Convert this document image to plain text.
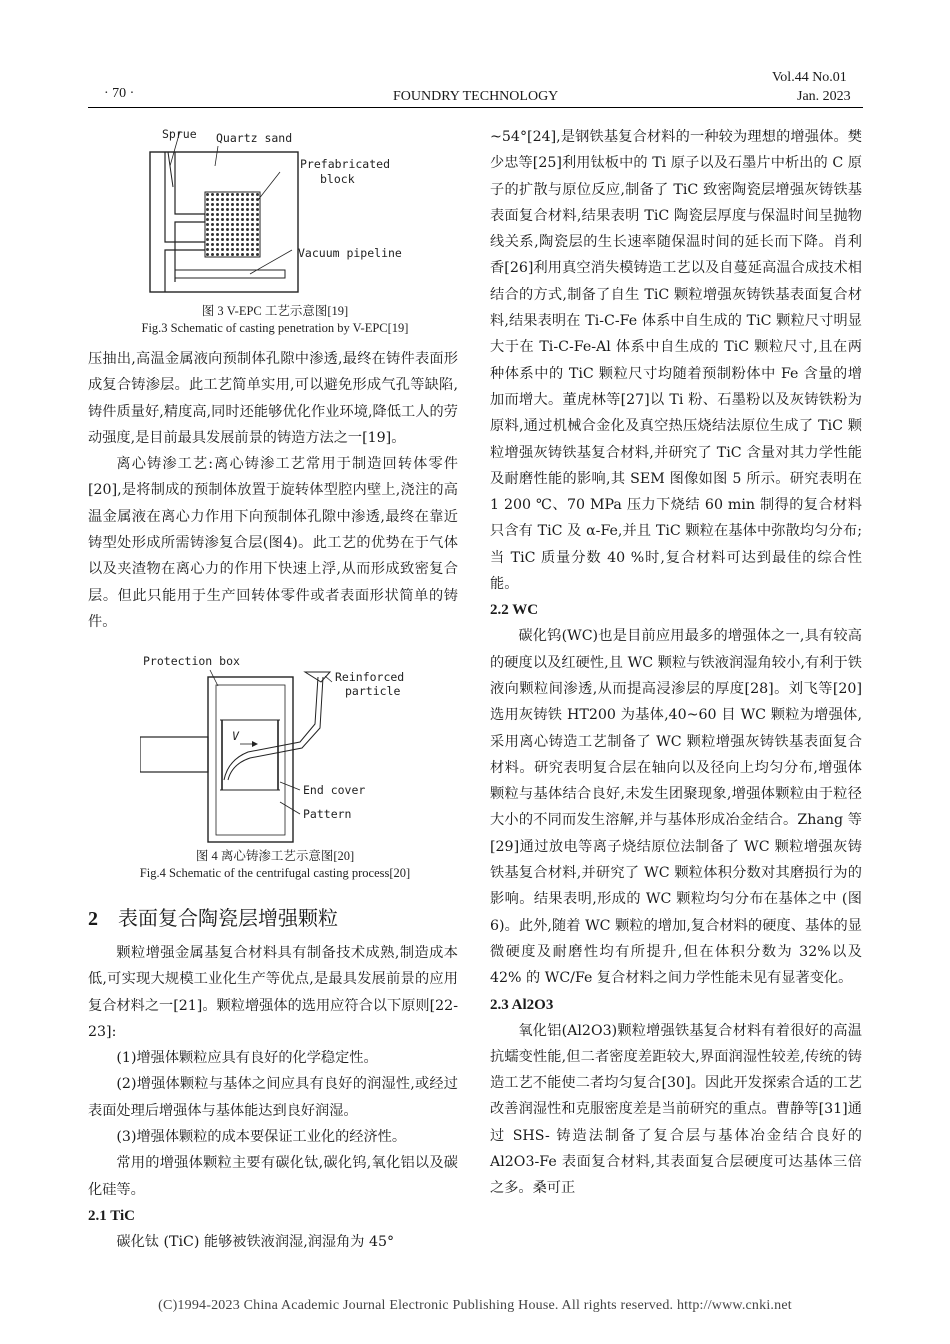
· 70 ·	FOUNDRY TECHNOLOGY
Vol.44 No.01
Jan. 2023
Sprue Quartz sand
Prefabricated
block
Vacuum pipeline
图 3 V-EPC 工艺示意图[19]
Fig.3 Schematic of casting penetration by V-EPC[19]

压抽出,高温金属液向预制体孔隙中渗透,最终在铸件表面形成复合铸渗层。此工艺简单实用,可以避免形成气孔等缺陷,铸件质量好,精度高,同时还能够优化作业环境,降低工人的劳动强度,是目前最具发展前景的铸造方法之一[19]。

离心铸渗工艺:离心铸渗工艺常用于制造回转体零件[20],是将制成的预制体放置于旋转体型腔内壁上,浇注的高温金属液在离心力作用下向预制体孔隙中渗透,最终在靠近铸型处形成所需铸渗复合层(图4)。此工艺的优势在于气体以及夹渣物在离心力的作用下快速上浮,从而形成致密复合层。但此只能用于生产回转体零件或者表面形状简单的铸件。

Protection box
Reinforced
particle
V
End cover
Pattern
图 4 离心铸渗工艺示意图[20]
Fig.4 Schematic of the centrifugal casting process[20]
2 表面复合陶瓷层增强颗粒

颗粒增强金属基复合材料具有制备技术成熟,制造成本低,可实现大规模工业化生产等优点,是最具发展前景的应用复合材料之一[21]。颗粒增强体的选用应符合以下原则[22-23]:

(1)增强体颗粒应具有良好的化学稳定性。

(2)增强体颗粒与基体之间应具有良好的润湿性,或经过表面处理后增强体与基体能达到良好润湿。

(3)增强体颗粒的成本要保证工业化的经济性。

常用的增强体颗粒主要有碳化钛,碳化钨,氧化铝以及碳化硅等。

2.1 TiC

碳化钛 (TiC) 能够被铁液润湿,润湿角为 45°

~54°[24],是钢铁基复合材料的一种较为理想的增强体。樊少忠等[25]利用钛板中的 Ti 原子以及石墨片中析出的 C 原子的扩散与原位反应,制备了 TiC 致密陶瓷层增强灰铸铁基表面复合材料,结果表明 TiC 陶瓷层厚度与保温时间呈抛物线关系,陶瓷层的生长速率随保温时间的延长而下降。肖利香[26]利用真空消失模铸造工艺以及自蔓延高温合成技术相结合的方式,制备了自生 TiC 颗粒增强灰铸铁基表面复合材料,结果表明在 Ti-C-Fe 体系中自生成的 TiC 颗粒尺寸明显大于在 Ti-C-Fe-Al 体系中自生成的 TiC 颗粒尺寸,且在两种体系中的 TiC 颗粒尺寸均随着预制粉体中 Fe 含量的增加而增大。董虎林等[27]以 Ti 粉、石墨粉以及灰铸铁粉为原料,通过机械合金化及真空热压烧结法原位生成了 TiC 颗粒增强灰铸铁基复合材料,并研究了 TiC 含量对其力学性能及耐磨性能的影响,其 SEM 图像如图 5 所示。研究表明在 1 200 ℃、70 MPa 压力下烧结 60 min 制得的复合材料只含有 TiC 及 α-Fe,并且 TiC 颗粒在基体中弥散均匀分布;当 TiC 质量分数 40 %时,复合材料可达到最佳的综合性能。

2.2 WC

碳化钨(WC)也是目前应用最多的增强体之一,具有较高的硬度以及红硬性,且 WC 颗粒与铁液润湿角较小,有利于铁液向颗粒间渗透,从而提高浸渗层的厚度[28]。刘飞等[20]选用灰铸铁 HT200 为基体,40~60 目 WC 颗粒为增强体,采用离心铸造工艺制备了 WC 颗粒增强灰铸铁基表面复合材料。研究表明复合层在轴向以及径向上均匀分布,增强体颗粒与基体结合良好,未发生团聚现象,增强体颗粒由于粒径大小的不同而发生溶解,并与基体形成冶金结合。Zhang 等[29]通过放电等离子烧结原位法制备了 WC 颗粒增强灰铸铁基复合材料,并研究了 WC 颗粒体积分数对其磨损行为的影响。结果表明,形成的 WC 颗粒均匀分布在基体之中 (图 6)。此外,随着 WC 颗粒的增加,复合材料的硬度、基体的显微硬度及耐磨性均有所提升,但在体积分数为 32%以及 42% 的 WC/Fe 复合材料之间力学性能未见有显著变化。

2.3 Al2O3

氧化铝(Al2O3)颗粒增强铁基复合材料有着很好的高温抗蠕变性能,但二者密度差距较大,界面润湿性较差,传统的铸造工艺不能使二者均匀复合[30]。因此开发探索合适的工艺改善润湿性和克服密度差是当前研究的重点。曹静等[31]通过 SHS- 铸造法制备了复合层与基体冶金结合良好的 Al2O3-Fe 表面复合材料,其表面复合层硬度可达基体三倍之多。桑可正

(C)1994-2023 China Academic Journal Electronic Publishing House. All rights reserved. http://www.cnki.net
